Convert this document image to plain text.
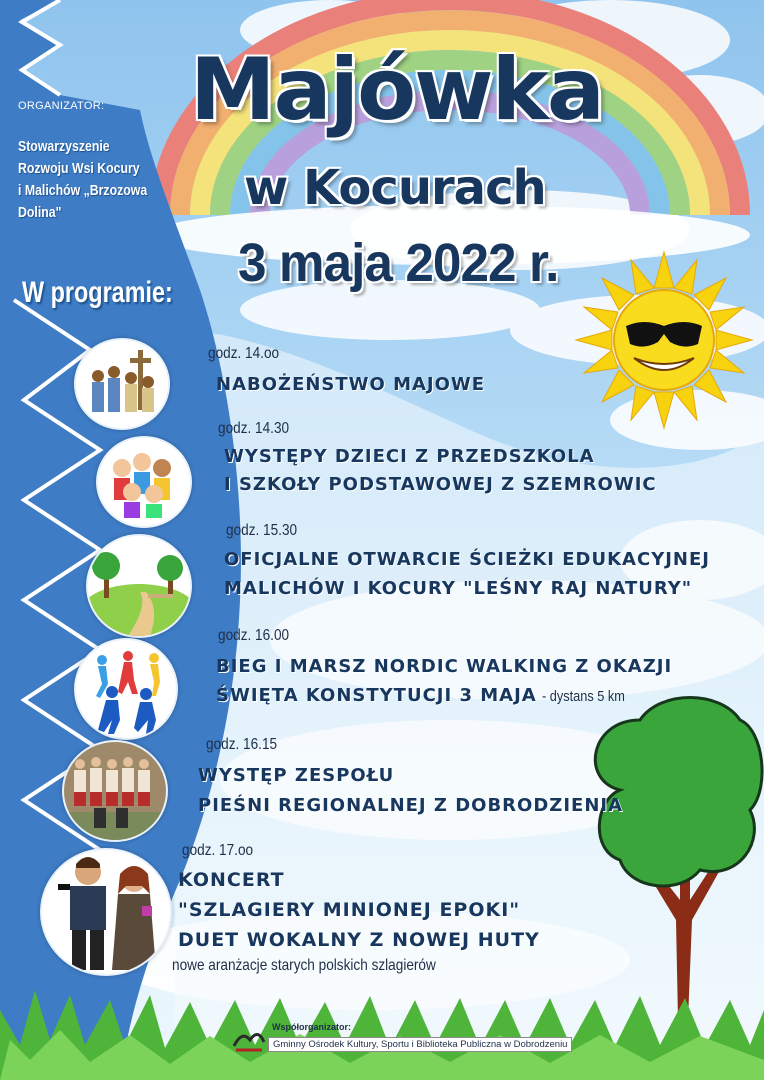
ORGANIZATOR:

Stowarzyszenie
Rozwoju Wsi Kocury
i Malichów „Brzozowa Dolina"

W programie:

Majówka

w Kocurach

3 maja 2022 r.

godz. 14.oo

NABOŻEŃSTWO MAJOWE

godz. 14.30

WYSTĘPY DZIECI Z PRZEDSZKOLA

I SZKOŁY PODSTAWOWEJ Z SZEMROWIC

godz. 15.30

OFICJALNE OTWARCIE ŚCIEŻKI EDUKACYJNEJ

MALICHÓW I KOCURY "LEŚNY RAJ NATURY"

godz. 16.00

BIEG I MARSZ NORDIC WALKING Z OKAZJI

ŚWIĘTA KONSTYTUCJI 3 MAJA - dystans 5 km

godz. 16.15

WYSTĘP ZESPOŁU

PIEŚNI REGIONALNEJ Z DOBRODZIENIA

godz. 17.oo

KONCERT

"SZLAGIERY MINIONEJ EPOKI"

DUET WOKALNY Z NOWEJ HUTY

nowe aranżacje starych polskich szlagierów

Współorganizator:

Gminny Ośrodek Kultury, Sportu i Biblioteka Publiczna w Dobrodzeniu
